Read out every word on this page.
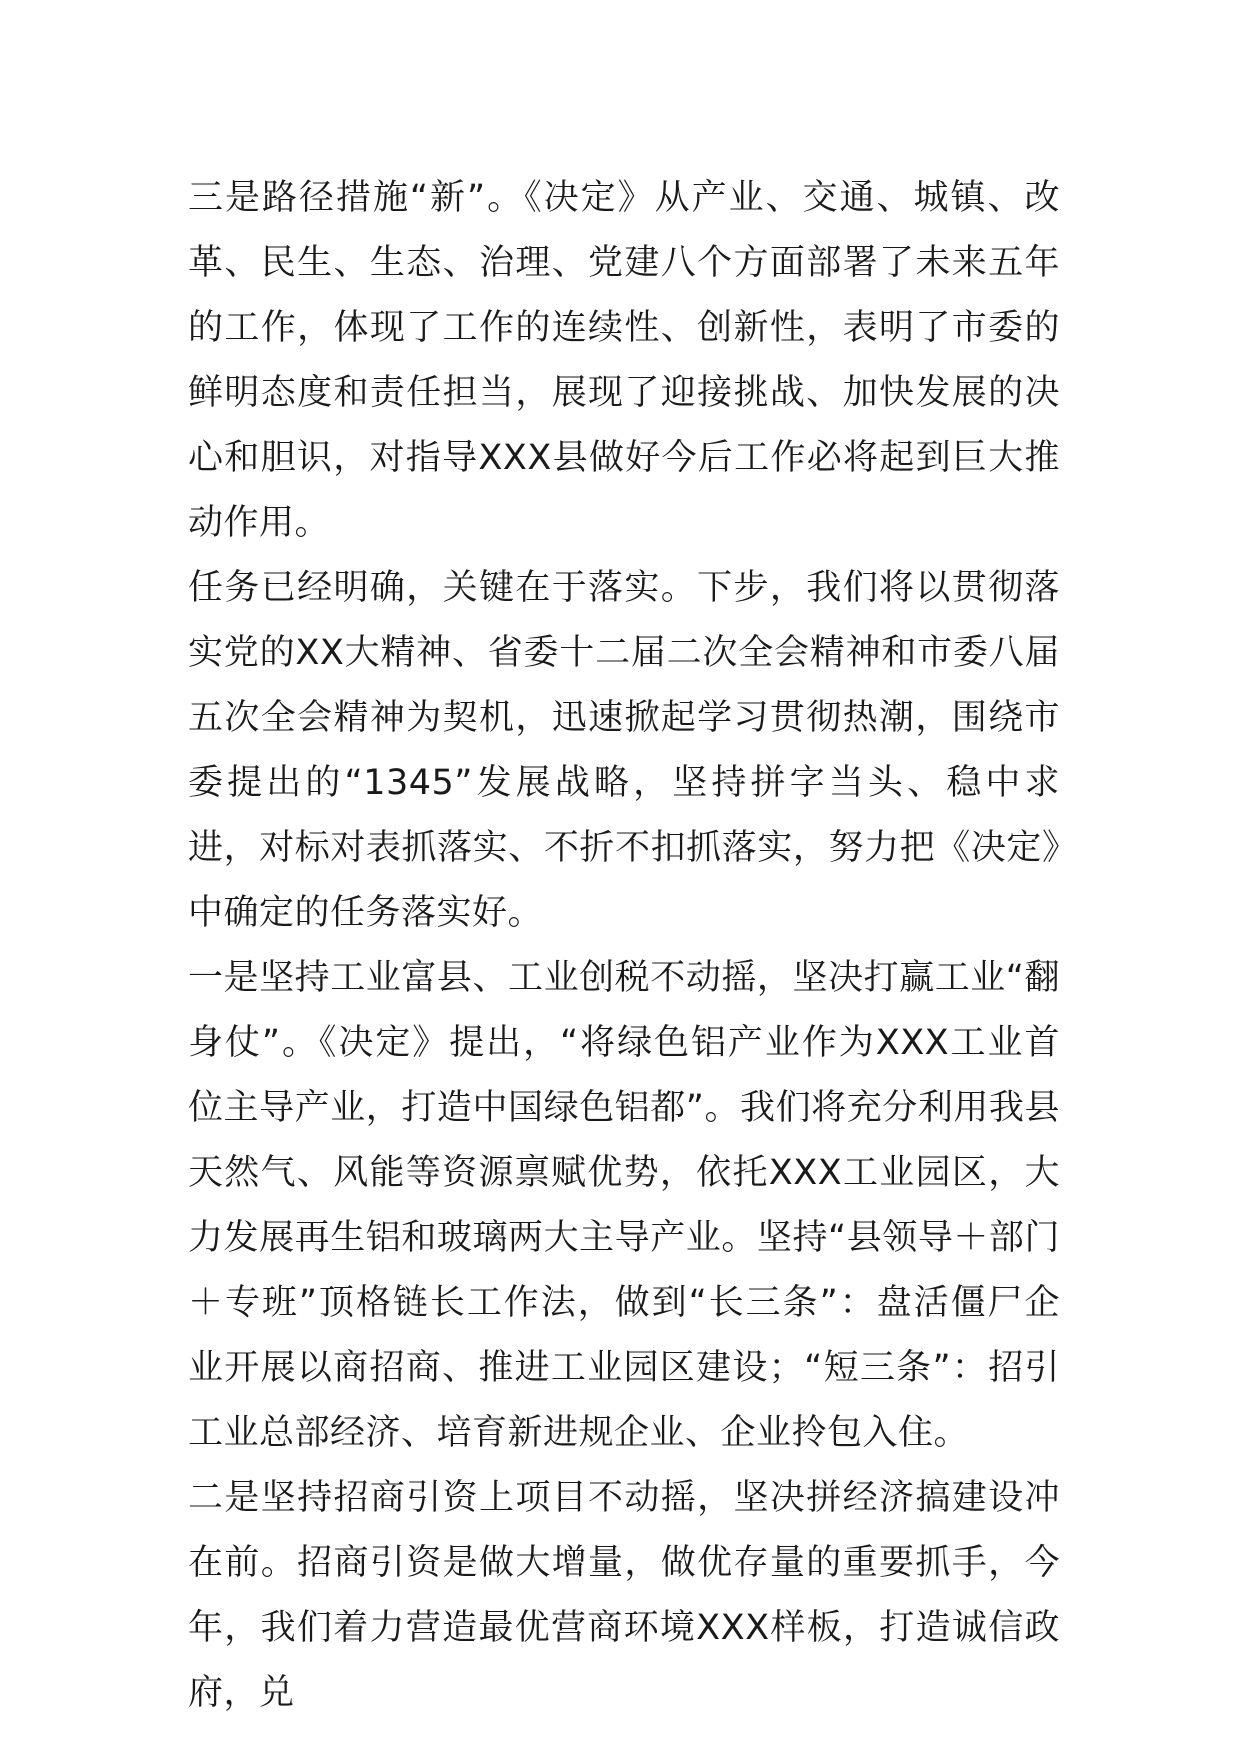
三是路径措施“新”。《决定》从产业、交通、城镇、改革、民生、生态、治理、党建八个方面部署了未来五年的工作，体现了工作的连续性、创新性，表明了市委的鲜明态度和责任担当，展现了迎接挑战、加快发展的决心和胆识，对指导XXX县做好今后工作必将起到巨大推动作用。

任务已经明确，关键在于落实。下步，我们将以贯彻落实党的XX大精神、省委十二届二次全会精神和市委八届五次全会精神为契机，迅速掀起学习贯彻热潮，围绕市委提出的“1345”发展战略，坚持拼字当头、稳中求进，对标对表抓落实、不折不扣抓落实，努力把《决定》中确定的任务落实好。

一是坚持工业富县、工业创税不动摇，坚决打赢工业“翻身仗”。《决定》提出，“将绿色铝产业作为XXX工业首位主导产业，打造中国绿色铝都”。我们将充分利用我县天然气、风能等资源禀赋优势，依托XXX工业园区，大力发展再生铝和玻璃两大主导产业。坚持“县领导＋部门＋专班”顶格链长工作法，做到“长三条”：盘活僵尸企业开展以商招商、推进工业园区建设；“短三条”：招引工业总部经济、培育新进规企业、企业拎包入住。

二是坚持招商引资上项目不动摇，坚决拼经济搞建设冲在前。招商引资是做大增量，做优存量的重要抓手，今年，我们着力营造最优营商环境XXX样板，打造诚信政府，兑
